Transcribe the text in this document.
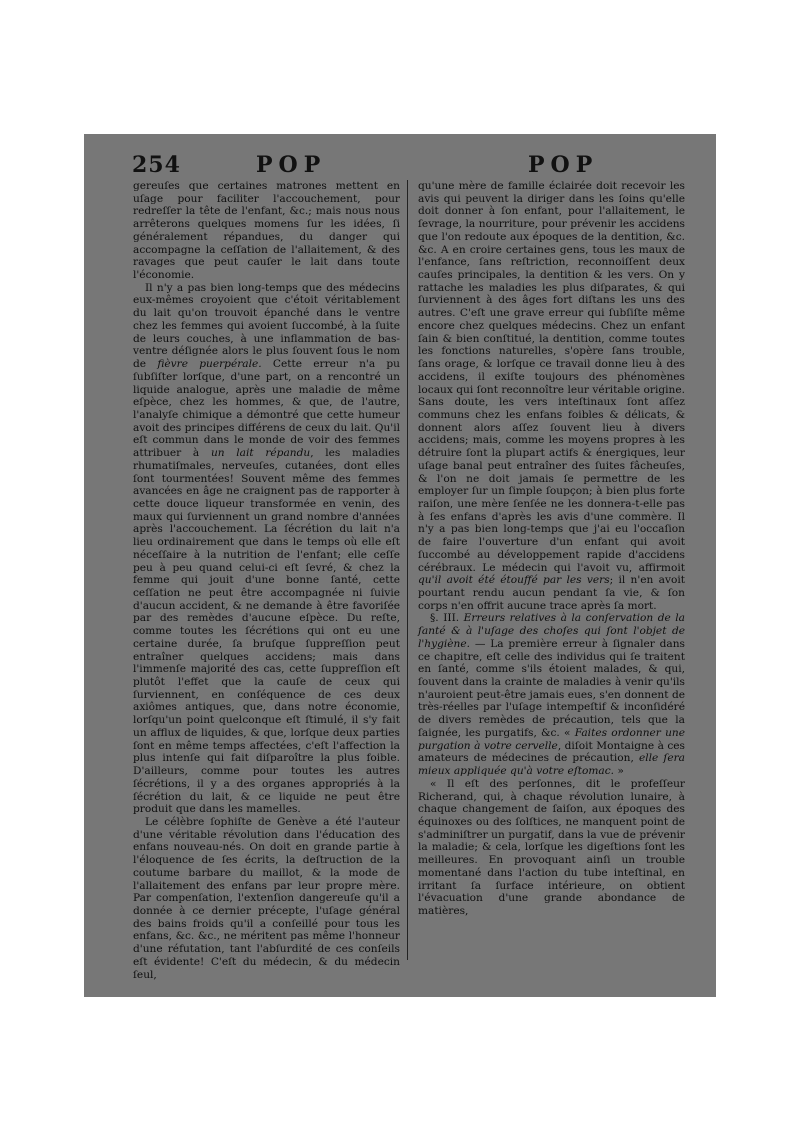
254	POP	POP

gereuſes que certaines matrones mettent en uſage pour faciliter l'accouchement, pour redreſſer la tête de l'enfant, &c.; mais nous nous arrêterons quelques momens ſur les idées, ſi généralement répandues, du danger qui accompagne la ceſſation de l'allaitement, & des ravages que peut cauſer le lait dans toute l'économie.

Il n'y a pas bien long-temps que des médecins eux-mêmes croyoient que c'étoit véritablement du lait qu'on trouvoit épanché dans le ventre chez les femmes qui avoient ſuccombé, à la ſuite de leurs couches, à une inflammation de bas-ventre déſignée alors le plus ſouvent ſous le nom de fièvre puerpérale. Cette erreur n'a pu ſubſiſter lorſque, d'une part, on a rencontré un liquide analogue, après une maladie de même eſpèce, chez les hommes, & que, de l'autre, l'analyſe chimique a démontré que cette humeur avoit des principes différens de ceux du lait. Qu'il eſt commun dans le monde de voir des femmes attribuer à un lait répandu, les maladies rhumatiſmales, nerveuſes, cutanées, dont elles ſont tourmentées! Souvent même des femmes avancées en âge ne craignent pas de rapporter à cette douce liqueur transformée en venin, des maux qui ſurviennent un grand nombre d'années après l'accouchement. La ſécrétion du lait n'a lieu ordinairement que dans le temps où elle eſt néceſſaire à la nutrition de l'enfant; elle ceſſe peu à peu quand celui-ci eſt ſevré, & chez la femme qui jouit d'une bonne ſanté, cette ceſſation ne peut être accompagnée ni ſuivie d'aucun accident, & ne demande à être favoriſée par des remèdes d'aucune eſpèce. Du reſte, comme toutes les ſécrétions qui ont eu une certaine durée, ſa bruſque ſuppreſſion peut entraîner quelques accidens; mais dans l'immenſe majorité des cas, cette ſuppreſſion eſt plutôt l'effet que la cauſe de ceux qui ſurviennent, en conſéquence de ces deux axiômes antiques, que, dans notre économie, lorſqu'un point quelconque eſt ſtimulé, il s'y fait un afflux de liquides, & que, lorſque deux parties ſont en même temps affectées, c'eſt l'affection la plus intenſe qui fait diſparoître la plus foible. D'ailleurs, comme pour toutes les autres ſécrétions, il y a des organes appropriés à la ſécrétion du lait, & ce liquide ne peut être produit que dans les mamelles.

Le célèbre ſophiſte de Genève a été l'auteur d'une véritable révolution dans l'éducation des enfans nouveau-nés. On doit en grande partie à l'éloquence de ſes écrits, la deſtruction de la coutume barbare du maillot, & la mode de l'allaitement des enfans par leur propre mère. Par compenſation, l'extenſion dangereuſe qu'il a donnée à ce dernier précepte, l'uſage général des bains froids qu'il a conſeillé pour tous les enfans, &c. &c., ne méritent pas même l'honneur d'une réfutation, tant l'abſurdité de ces conſeils eſt évidente! C'eſt du médecin, & du médecin ſeul,

qu'une mère de famille éclairée doit recevoir les avis qui peuvent la diriger dans les ſoins qu'elle doit donner à ſon enfant, pour l'allaitement, le ſevrage, la nourriture, pour prévenir les accidens que l'on redoute aux époques de la dentition, &c. &c. A en croire certaines gens, tous les maux de l'enfance, ſans reſtriction, reconnoiſſent deux cauſes principales, la dentition & les vers. On y rattache les maladies les plus diſparates, & qui ſurviennent à des âges fort diſtans les uns des autres. C'eſt une grave erreur qui ſubſiſte même encore chez quelques médecins. Chez un enfant ſain & bien conſtitué, la dentition, comme toutes les fonctions naturelles, s'opère ſans trouble, ſans orage, & lorſque ce travail donne lieu à des accidens, il exiſte toujours des phénomènes locaux qui ſont reconnoître leur véritable origine. Sans doute, les vers inteſtinaux ſont aſſez communs chez les enfans foibles & délicats, & donnent alors aſſez ſouvent lieu à divers accidens; mais, comme les moyens propres à les détruire ſont la plupart actifs & énergiques, leur uſage banal peut entraîner des ſuites fâcheuſes, & l'on ne doit jamais ſe permettre de les employer ſur un ſimple ſoupçon; à bien plus forte raiſon, une mère ſenſée ne les donnera-t-elle pas à ſes enfans d'après les avis d'une commère. Il n'y a pas bien long-temps que j'ai eu l'occaſion de faire l'ouverture d'un enfant qui avoit ſuccombé au développement rapide d'accidens cérébraux. Le médecin qui l'avoit vu, affirmoit qu'il avoit été étouffé par les vers; il n'en avoit pourtant rendu aucun pendant ſa vie, & ſon corps n'en offrit aucune trace après ſa mort.

§. III. Erreurs relatives à la conſervation de la ſanté & à l'uſage des choſes qui ſont l'objet de l'hygiène. — La première erreur à ſignaler dans ce chapitre, eſt celle des individus qui ſe traitent en ſanté, comme s'ils étoient malades, & qui, ſouvent dans la crainte de maladies à venir qu'ils n'auroient peut-être jamais eues, s'en donnent de très-réelles par l'uſage intempeſtif & inconſidéré de divers remèdes de précaution, tels que la ſaignée, les purgatifs, &c. « Faites ordonner une purgation à votre cervelle, diſoit Montaigne à ces amateurs de médecines de précaution, elle ſera mieux appliquée qu'à votre eſtomac. »

« Il eſt des perſonnes, dit le profeſſeur Richerand, qui, à chaque révolution lunaire, à chaque changement de ſaiſon, aux époques des équinoxes ou des ſolſtices, ne manquent point de s'adminiſtrer un purgatif, dans la vue de prévenir la maladie; & cela, lorſque les digeſtions ſont les meilleures. En provoquant ainſi un trouble momentané dans l'action du tube inteſtinal, en irritant ſa ſurface intérieure, on obtient l'évacuation d'une grande abondance de matières,
